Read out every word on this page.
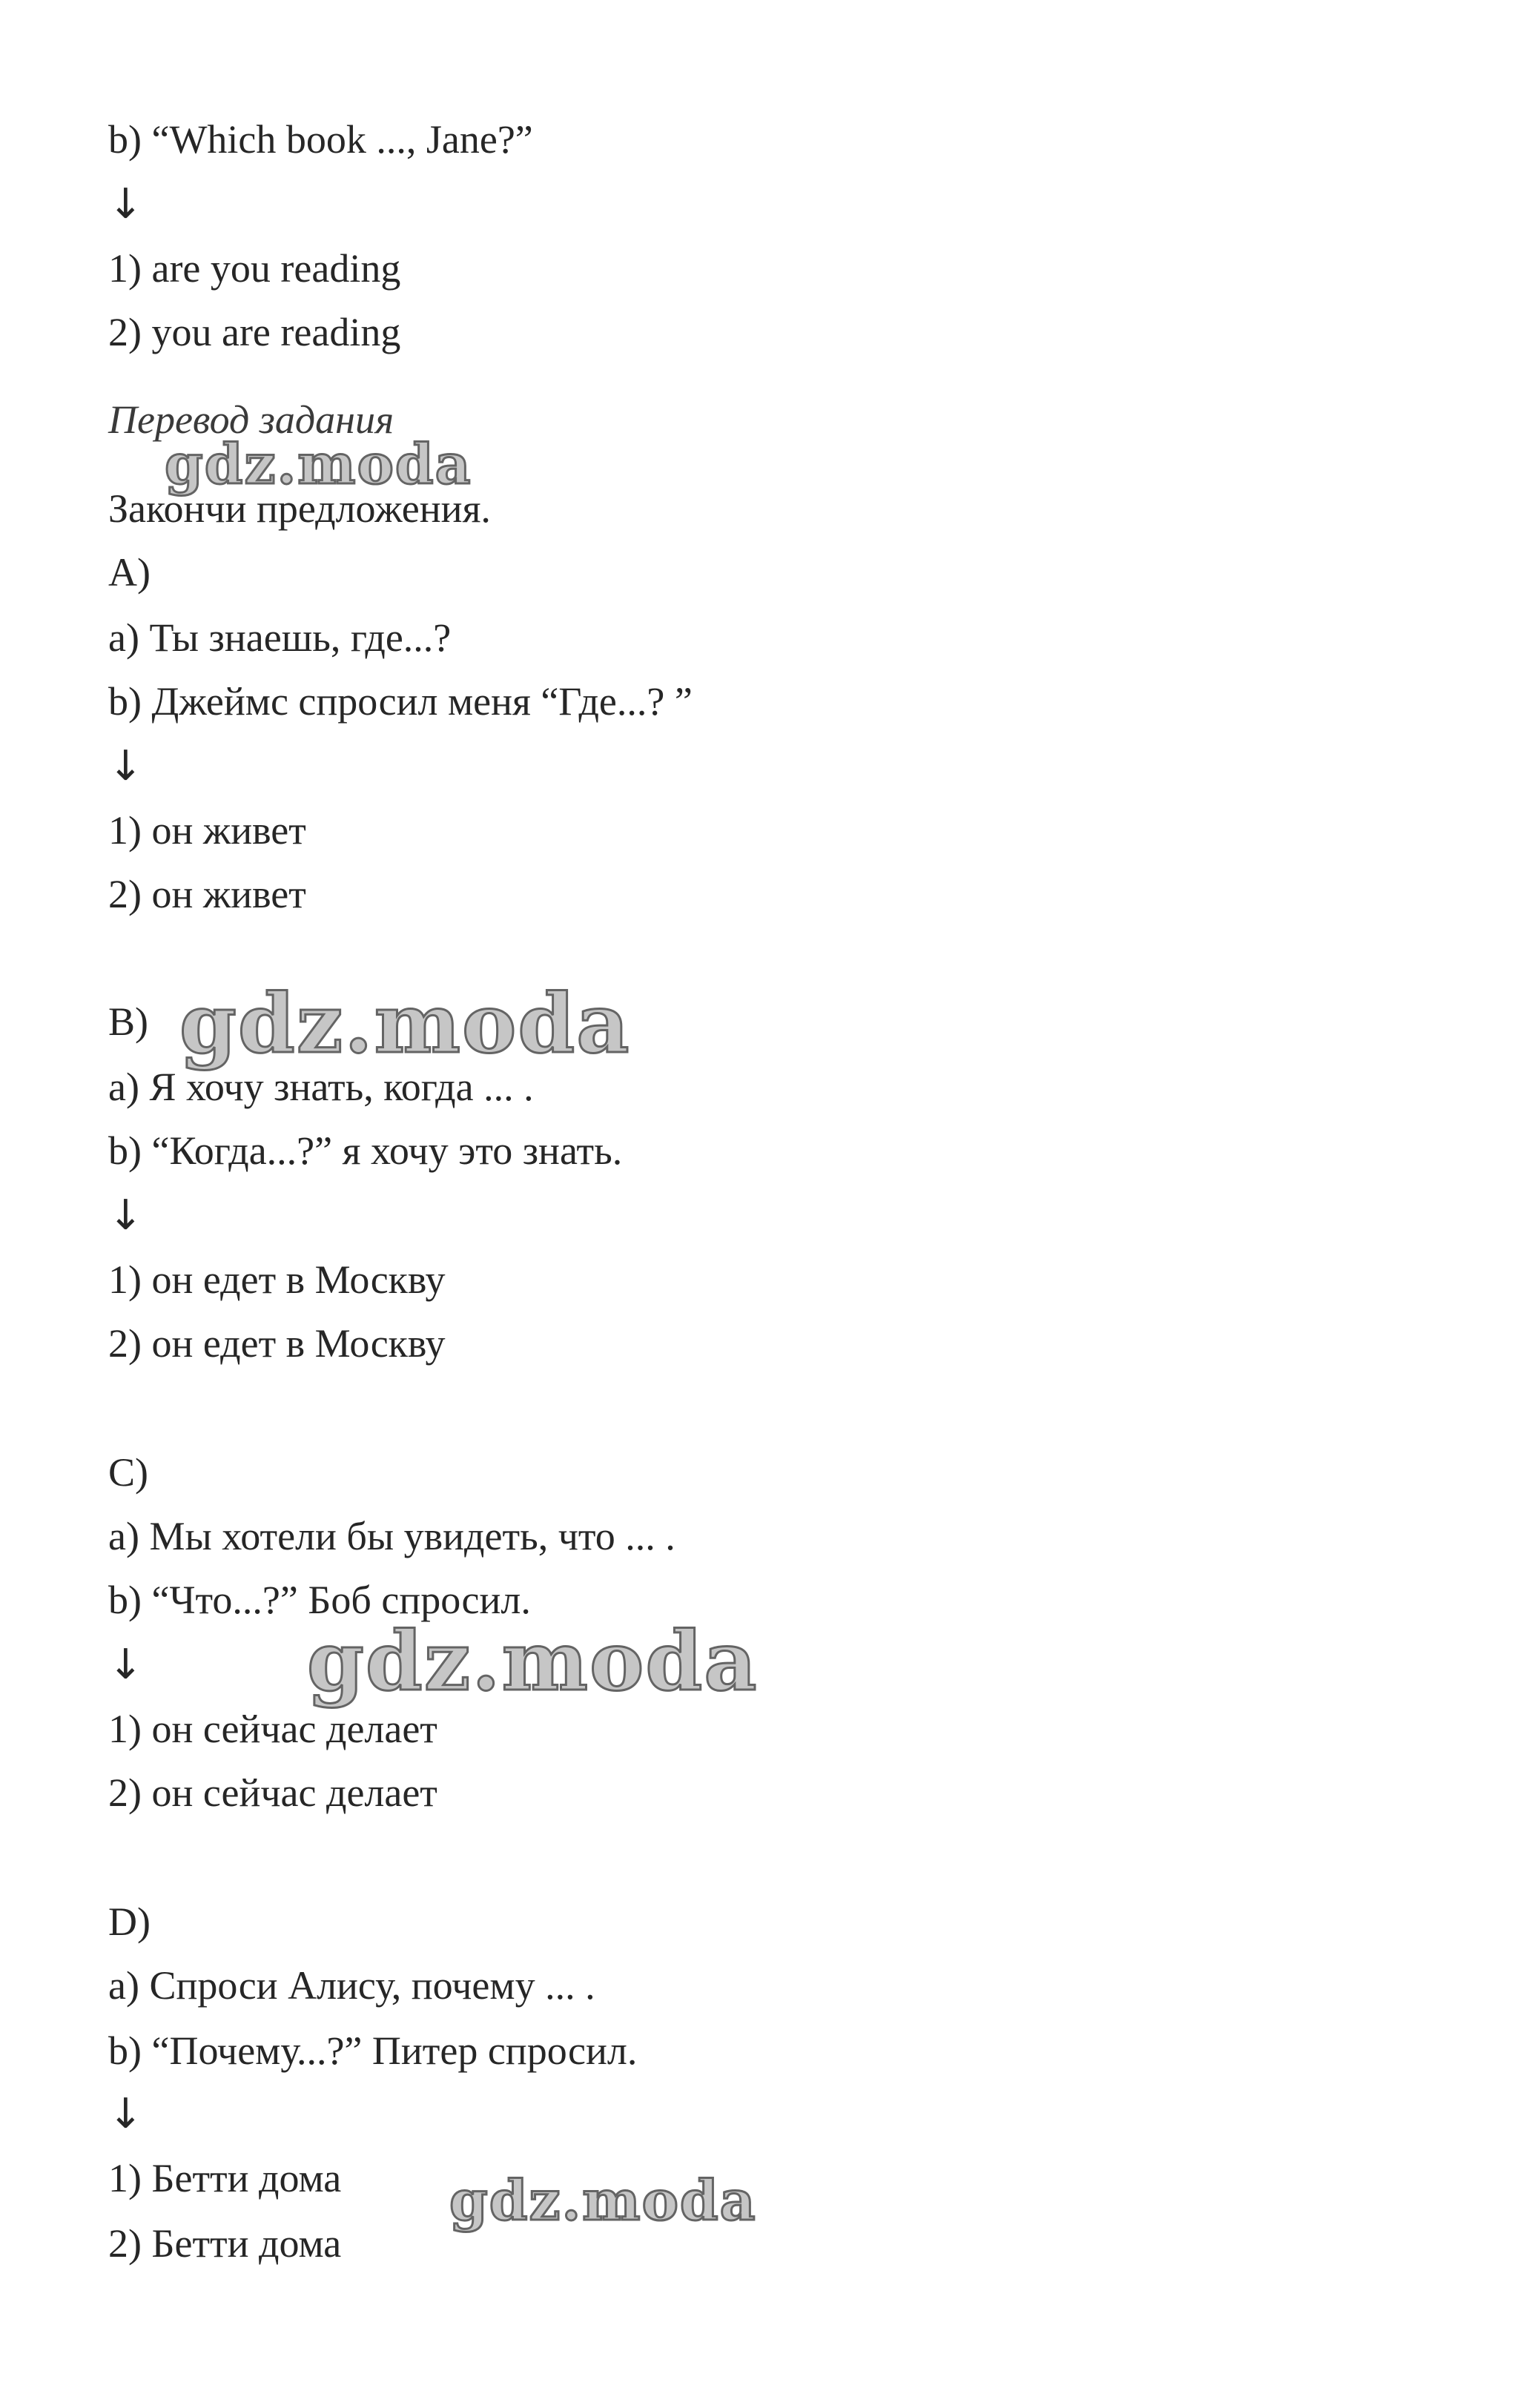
b) “Which book ..., Jane?”
↓
1) are you reading
2) you are reading
Перевод задания
Закончи предложения.
A)
a) Ты знаешь, где...?
b) Джеймс спросил меня “Где...? ”
↓
1) он живет
2) он живет
B)
a) Я хочу знать, когда ... .
b) “Когда...?” я хочу это знать.
↓
1) он едет в Москву
2) он едет в Москву
C)
a) Мы хотели бы увидеть, что ... .
b) “Что...?” Боб спросил.
↓
1) он сейчас делает
2) он сейчас делает
D)
a) Спроси Алису, почему ... .
b) “Почему...?” Питер спросил.
↓
1) Бетти дома
2) Бетти дома
gdz.moda
gdz.moda
gdz.moda
gdz.moda
